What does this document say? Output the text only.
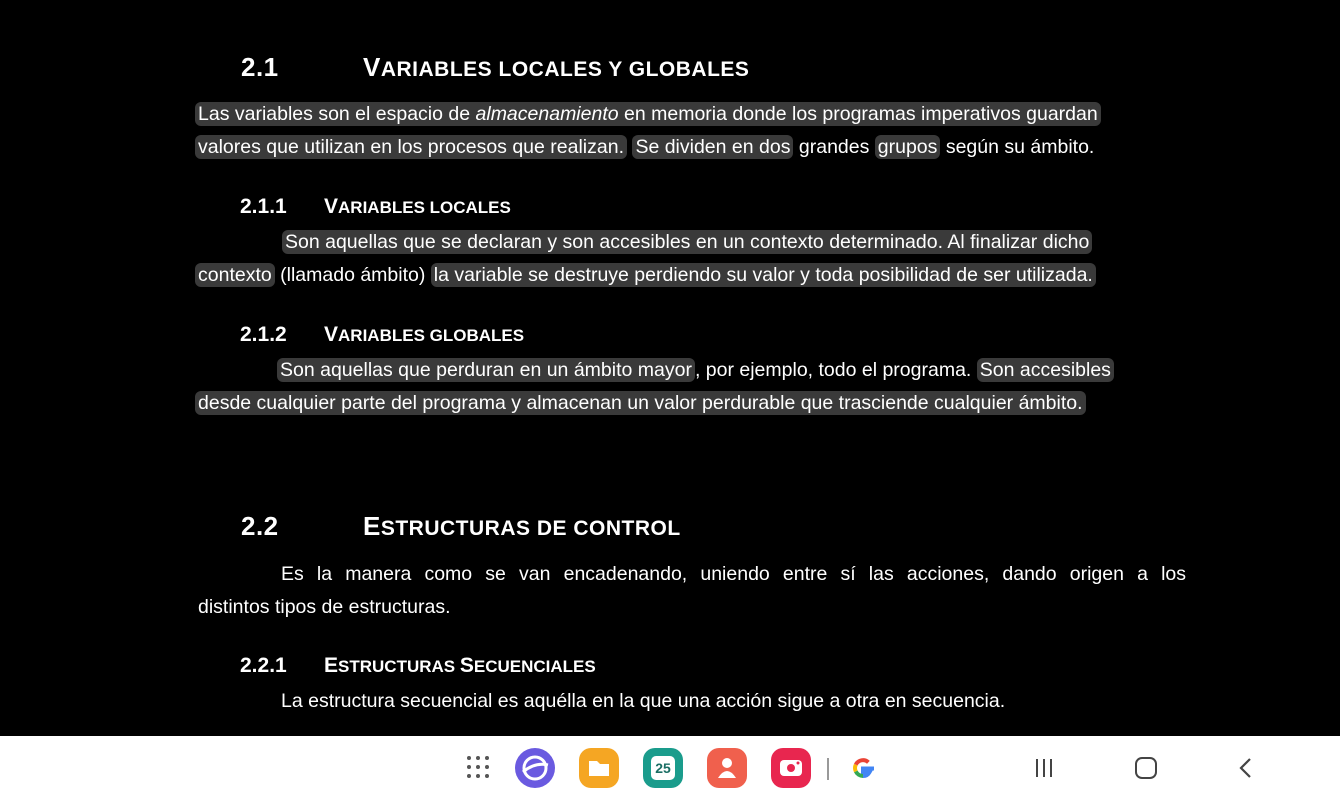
2.1	VARIABLES LOCALES Y GLOBALES
Las variables son el espacio de almacenamiento en memoria donde los programas imperativos guardan
valores que utilizan en los procesos que realizan. Se dividen en dos grandes grupos según su ámbito.
2.1.1 VARIABLES LOCALES
Son aquellas que se declaran y son accesibles en un contexto determinado. Al finalizar dicho
contexto (llamado ámbito) la variable se destruye perdiendo su valor y toda posibilidad de ser utilizada.
2.1.2 VARIABLES GLOBALES
Son aquellas que perduran en un ámbito mayor , por ejemplo, todo el programa. Son accesibles
desde cualquier parte del programa y almacenan un valor perdurable que trasciende cualquier ámbito.
2.2	ESTRUCTURAS DE CONTROL
Es la manera como se van encadenando, uniendo entre sí las acciones, dando origen a los
distintos tipos de estructuras.
2.2.1 ESTRUCTURAS SECUENCIALES
La estructura secuencial es aquélla en la que una acción sigue a otra en secuencia.
25
